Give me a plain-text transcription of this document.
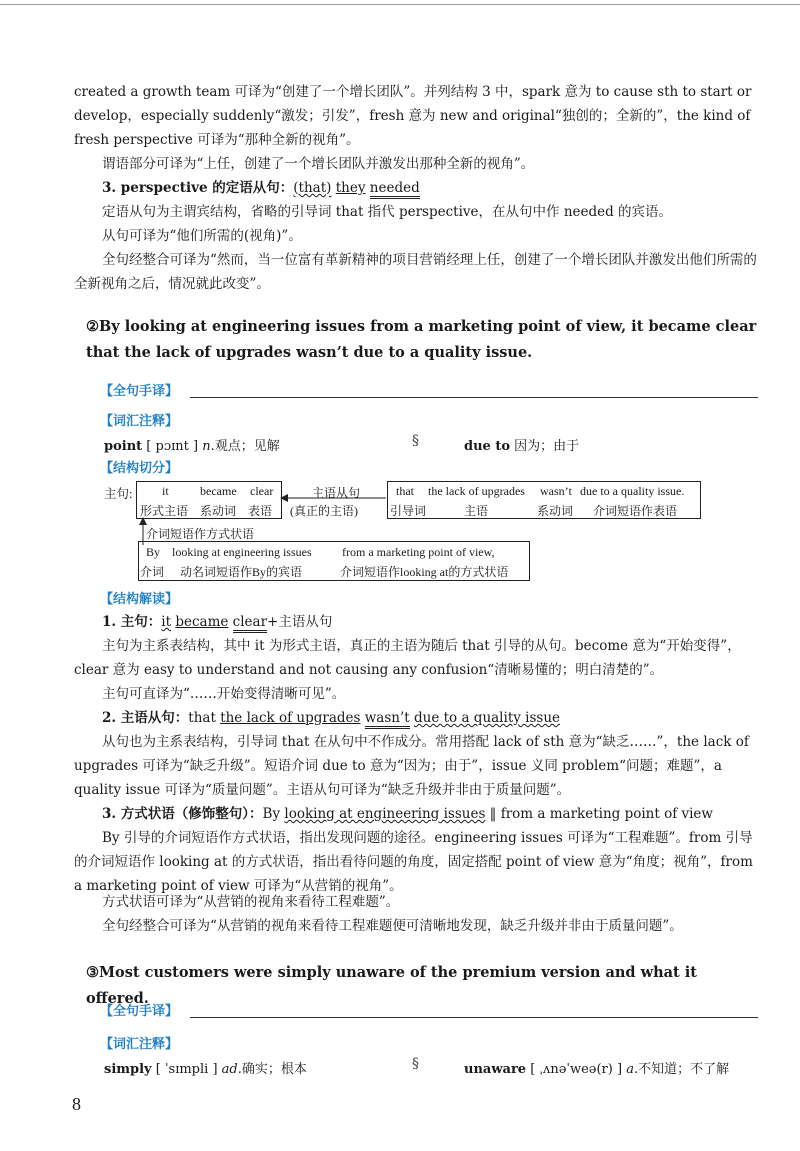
created a growth team 可译为“创建了一个增长团队”。并列结构 3 中，spark 意为 to cause sth to start or develop，especially suddenly“激发；引发”，fresh 意为 new and original“独创的；全新的”，the kind of fresh perspective 可译为“那种全新的视角”。

谓语部分可译为“上任，创建了一个增长团队并激发出那种全新的视角”。

3. perspective 的定语从句：(that) they needed

定语从句为主谓宾结构，省略的引导词 that 指代 perspective，在从句中作 needed 的宾语。

从句可译为“他们所需的(视角)”。

全句经整合可译为“然而，当一位富有革新精神的项目营销经理上任，创建了一个增长团队并激发出他们所需的全新视角之后，情况就此改变”。

②By looking at engineering issues from a marketing point of view, it became clear that the lack of upgrades wasn’t due to a quality issue.
【全句手译】
【词汇注释】
point [ pɔɪnt ] n.观点；见解	§	due to 因为；由于
【结构切分】
主句: it	became clear
形式主语 系动词 表语
主语从句
(真正的主语)
that the lack of upgrades wasn’t due to a quality issue.
引导词	主语	系动词 介词短语作表语
介词短语作方式状语
By looking at engineering issues	from a marketing point of view,
介词 动名词短语作By的宾语	介词短语作looking at的方式状语
【结构解读】
1. 主句：it became clear+主语从句

主句为主系表结构，其中 it 为形式主语，真正的主语为随后 that 引导的从句。become 意为“开始变得”，clear 意为 easy to understand and not causing any confusion“清晰易懂的；明白清楚的”。

主句可直译为“……开始变得清晰可见”。

2. 主语从句：that the lack of upgrades wasn’t due to a quality issue

从句也为主系表结构，引导词 that 在从句中不作成分。常用搭配 lack of sth 意为“缺乏……”，the lack of upgrades 可译为“缺乏升级”。短语介词 due to 意为“因为；由于”，issue 义同 problem“问题；难题”，a quality issue 可译为“质量问题”。主语从句可译为“缺乏升级并非由于质量问题”。

3. 方式状语（修饰整句）：By looking at engineering issues ‖ from a marketing point of view

By 引导的介词短语作方式状语，指出发现问题的途径。engineering issues 可译为“工程难题”。from 引导的介词短语作 looking at 的方式状语，指出看待问题的角度，固定搭配 point of view 意为“角度；视角”，from a marketing point of view 可译为“从营销的视角”。

方式状语可译为“从营销的视角来看待工程难题”。

全句经整合可译为“从营销的视角来看待工程难题便可清晰地发现，缺乏升级并非由于质量问题”。

③Most customers were simply unaware of the premium version and what it offered.
【全句手译】
【词汇注释】
simply [ ˈsɪmpli ] ad.确实；根本	§	unaware [ ˌʌnəˈweə(r) ] a.不知道；不了解
8
